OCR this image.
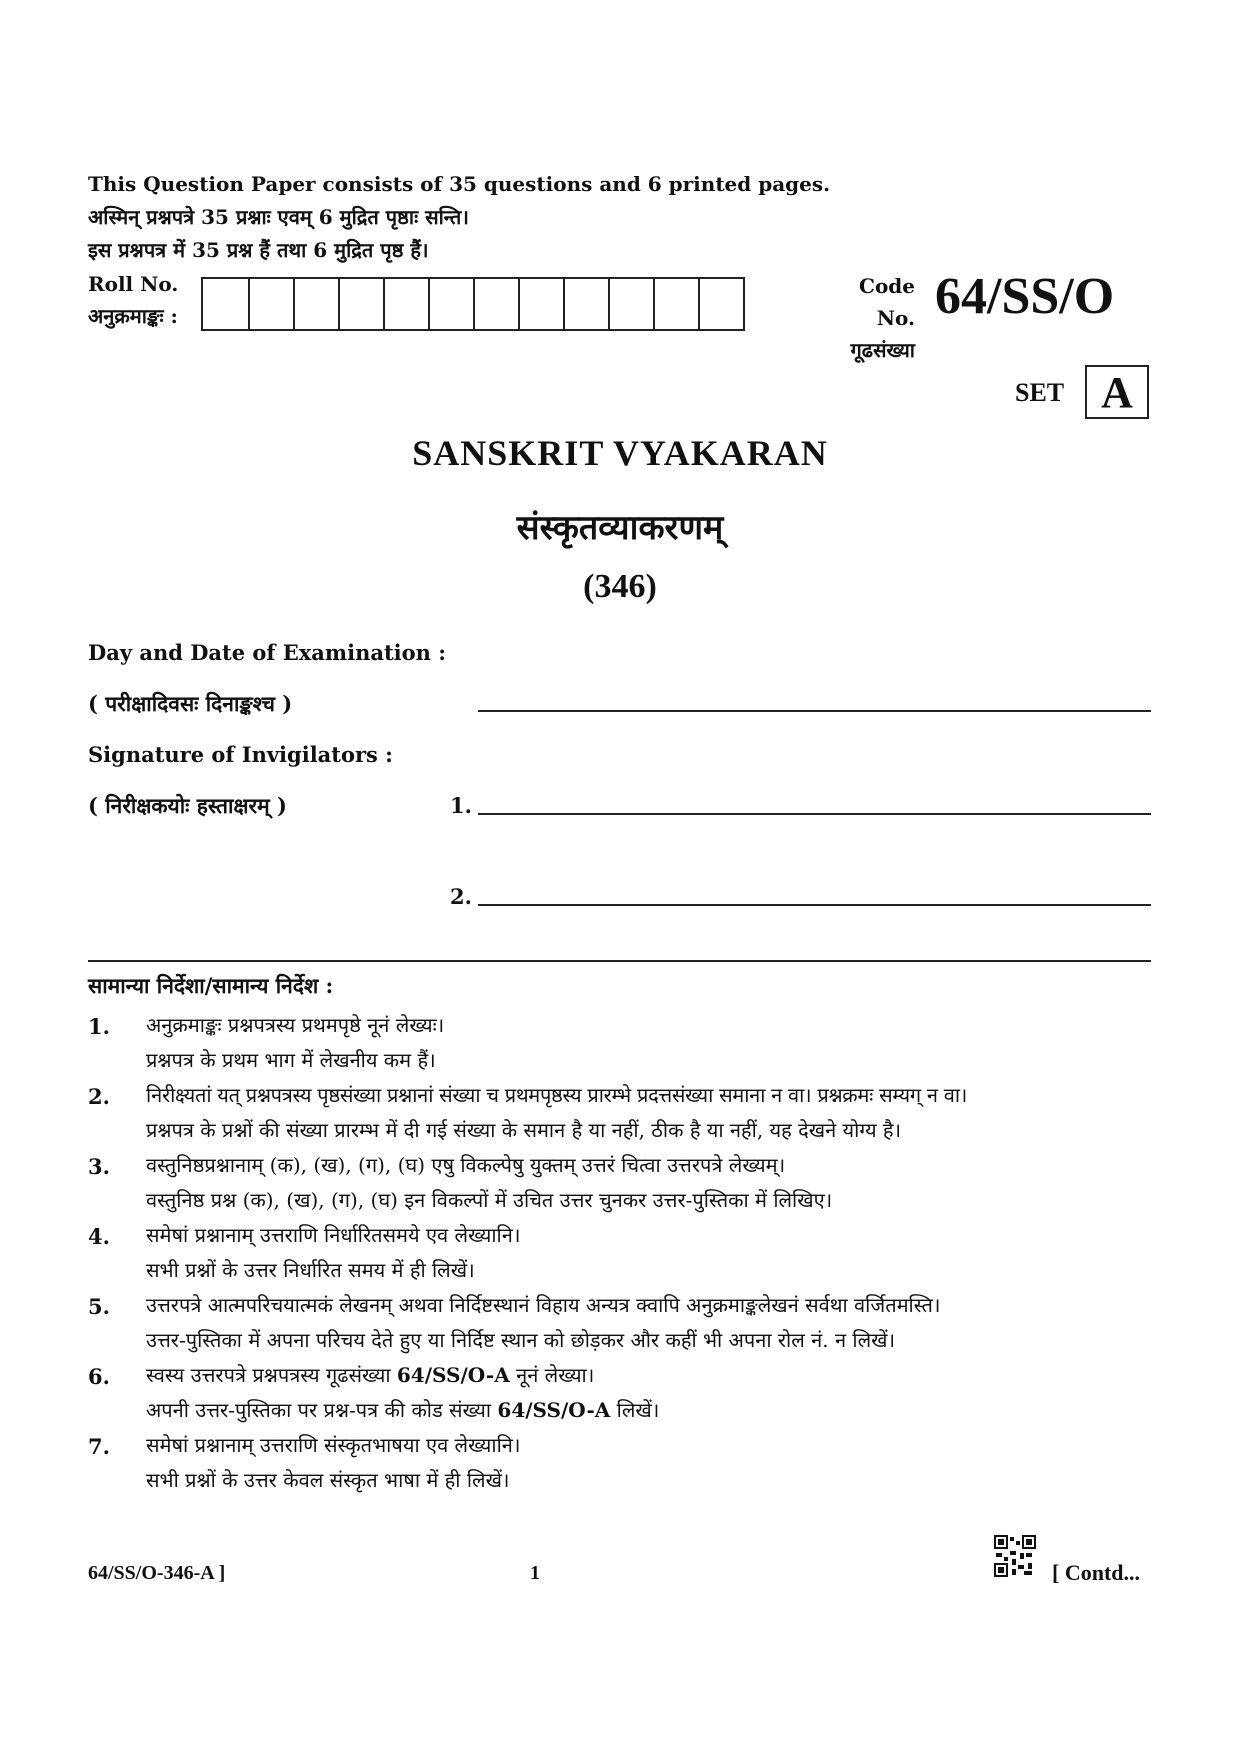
This Question Paper consists of 35 questions and 6 printed pages.
अस्मिन् प्रश्नपत्रे 35 प्रश्नाः एवम् 6 मुद्रित पृष्ठाः सन्ति।
इस प्रश्नपत्र में 35 प्रश्न हैं तथा 6 मुद्रित पृष्ठ हैं।
Roll No.
अनुक्रमाङ्कः :
Code No.
गूढसंख्या
64/SS/O
SET A
SANSKRIT VYAKARAN
संस्कृतव्याकरणम्
(346)
Day and Date of Examination :
( परीक्षादिवसः दिनाङ्कश्च )
Signature of Invigilators :
( निरीक्षकयोः हस्ताक्षरम् )	1.
2.
सामान्या निर्देशा/सामान्य निर्देश :
1.	अनुक्रमाङ्कः प्रश्नपत्रस्य प्रथमपृष्ठे नूनं लेख्यः।
प्रश्नपत्र के प्रथम भाग में लेखनीय कम हैं।
2.	निरीक्ष्यतां यत् प्रश्नपत्रस्य पृष्ठसंख्या प्रश्नानां संख्या च प्रथमपृष्ठस्य प्रारम्भे प्रदत्तसंख्या समाना न वा। प्रश्नक्रमः सम्यग् न वा।
प्रश्नपत्र के प्रश्नों की संख्या प्रारम्भ में दी गई संख्या के समान है या नहीं, ठीक है या नहीं, यह देखने योग्य है।
3.	वस्तुनिष्ठप्रश्नानाम् (क), (ख), (ग), (घ) एषु विकल्पेषु युक्तम् उत्तरं चित्वा उत्तरपत्रे लेख्यम्।
वस्तुनिष्ठ प्रश्न (क), (ख), (ग), (घ) इन विकल्पों में उचित उत्तर चुनकर उत्तर-पुस्तिका में लिखिए।
4.	समेषां प्रश्नानाम् उत्तराणि निर्धारितसमये एव लेख्यानि।
सभी प्रश्नों के उत्तर निर्धारित समय में ही लिखें।
5.	उत्तरपत्रे आत्मपरिचयात्मकं लेखनम् अथवा निर्दिष्टस्थानं विहाय अन्यत्र क्वापि अनुक्रमाङ्कलेखनं सर्वथा वर्जितमस्ति।
उत्तर-पुस्तिका में अपना परिचय देते हुए या निर्दिष्ट स्थान को छोड़कर और कहीं भी अपना रोल नं. न लिखें।
6.	स्वस्य उत्तरपत्रे प्रश्नपत्रस्य गूढसंख्या 64/SS/O-A नूनं लेख्या।
अपनी उत्तर-पुस्तिका पर प्रश्न-पत्र की कोड संख्या 64/SS/O-A लिखें।
7.	समेषां प्रश्नानाम् उत्तराणि संस्कृतभाषया एव लेख्यानि।
सभी प्रश्नों के उत्तर केवल संस्कृत भाषा में ही लिखें।
64/SS/O-346-A ]	1	[ Contd...
